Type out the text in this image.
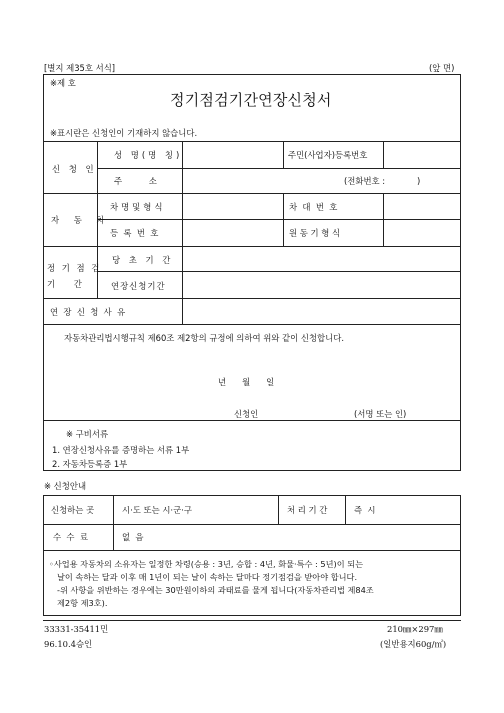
[별지 제35호 서식]	(앞 면)
※제 호
정기점검기간연장신청서
※표시란은 신청인이 기재하지 않습니다.
신 청 인
성 명(명 칭)	주민(사업자)등록번호
주          소	(전화번호 :            )
자 동 차
차명및형식	차  대  번  호
등  록  번  호	원 동 기 형 식
정 기 점 검
기       간
당 초 기 간
연장신청기간
연  장  신  청  사  유
자동차관리법시행규칙 제60조 제2항의 규정에 의하여 위와 같이 신청합니다.
년      월      일
신청인	(서명 또는 인)
※ 구비서류
1. 연장신청사유를 증명하는 서류 1부
2. 자동차등록증 1부
※ 신청안내
신청하는 곳	시·도 또는 시·군·구	처 리 기 간	즉  시
수  수  료	없  음
◦사업용 자동차의 소유자는 일정한 차령(승용 : 3년, 승합 : 4년, 화물·특수 : 5년)이 되는
날이 속하는 달과 이후 매 1년이 되는 날이 속하는 달마다 정기점검을 받아야 합니다.
-위 사항을 위반하는 경우에는 30만원이하의 과태료를 물게 됩니다(자동차관리법 제84조
제2항 제3호).
33331-35411민
96.10.4승인
210㎜×297㎜
(일반용지60g/㎡)
